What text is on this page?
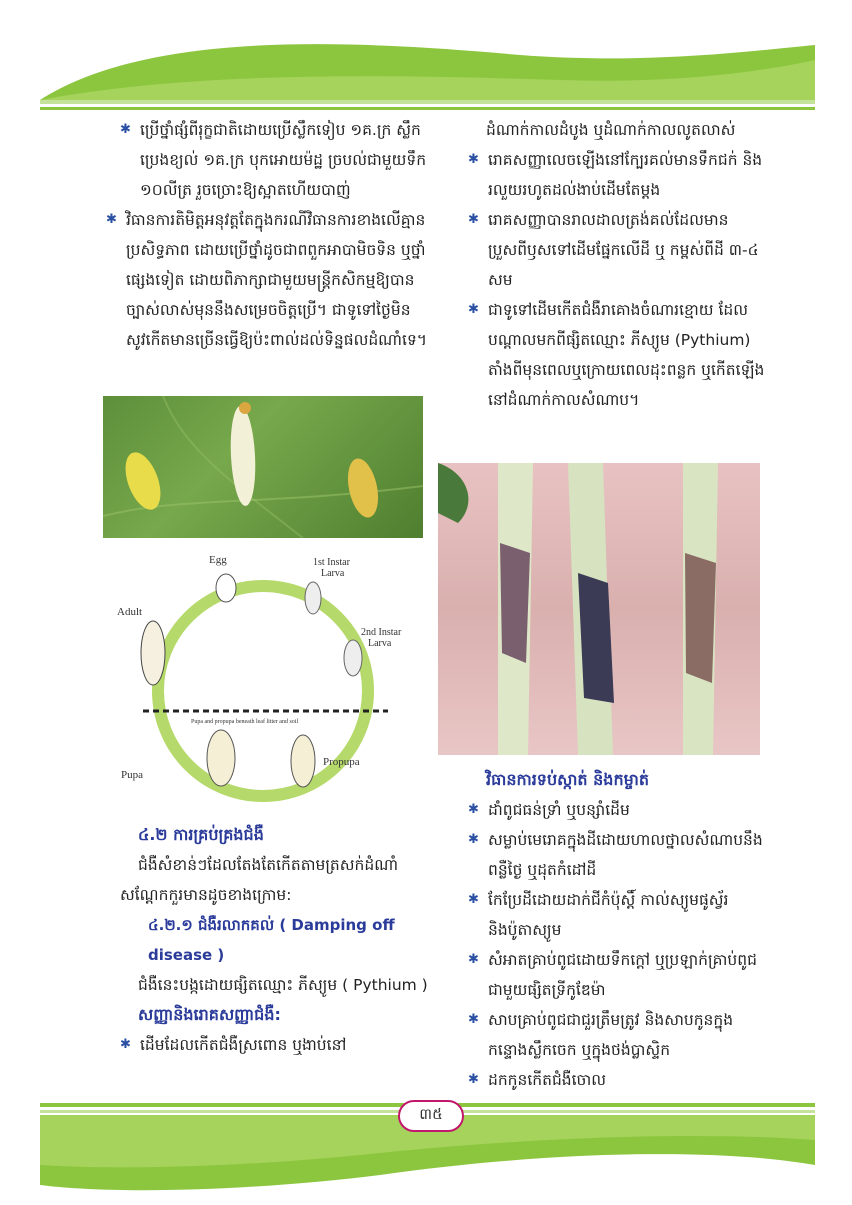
✱ ប្រើថ្នាំផ្សំពីរុក្ខជាតិដោយប្រើស្លឹកទៀប ១គ.ក្រ ស្លឹកប្រេងខ្យល់ ១គ.ក្រ បុកអោយម៉ដ្ឋ ច្របល់ជាមួយទឹក ១០លីត្រ រួចច្រោះឱ្យស្អាតហើយបាញ់
✱ វិធានការតិមិត្តអនុវត្តតែក្នុងករណីវិធានការខាងលើគ្មានប្រសិទ្ធភាព ដោយប្រើថ្នាំដូចជាពពួកអាបាមិចទិន ឬថ្នាំផ្សេងទៀត ដោយពិភាក្សាជាមួយមន្ត្រីកសិកម្មឱ្យបានច្បាស់លាស់មុននឹងសម្រេចចិត្តប្រើ។ ជាទូទៅថ្ងៃមិនសូវកើតមានច្រើនធ្វើឱ្យប៉ះពាល់ដល់ទិន្នផលដំណាំទេ។
Egg	1st Instar
Larva
2nd Instar
Larva
Adult
Pupa
Propupa
Pupa and propupa beneath leaf litter and soil
៤.២ ការគ្រប់គ្រងជំងឺ
ជំងឺសំខាន់ៗដែលតែងតែកើតតាមត្រសក់ដំណាំសណ្តែកកួរមានដូចខាងក្រោម:
៤.២.១ ជំងឺរលាកគល់ ( Damping off disease )
ជំងឺនេះបង្កដោយផ្សិតឈ្មោះ ភីស្យូម ( Pythium )
សញ្ញានិងរោគសញ្ញាជំងឺ:
✱ ដើមដែលកើតជំងឺស្រពោន ឬងាប់នៅ
ដំណាក់កាលដំបូង ឬដំណាក់កាលលូតលាស់
✱ រោគសញ្ញាលេចឡើងនៅក្បែរគល់មានទឹកជក់ និងរលួយរហូតដល់ងាប់ដើមតែម្តង
✱ រោគសញ្ញាបានរាលដាលត្រង់គល់ដែលមានប្រួសពីឫសទៅដើមផ្នែកលើដី ឬ កម្ពស់ពីដី ៣-៤ សម
✱ ជាទូទៅដើមកើតជំងឺរាគោងចំណារខ្មោយ ដែលបណ្តាលមកពីផ្សិតឈ្មោះ ភីស្យូម (Pythium) តាំងពីមុនពេលឬក្រោយពេលដុះពន្លក ឬកើតឡើងនៅដំណាក់កាលសំណាប។
វិធានការទប់ស្កាត់ និងកម្ចាត់
✱ ដាំពូជធន់ទ្រាំ ឬបន្សាំដើម
✱ សម្លាប់មេរោគក្នុងដីដោយហាលថ្នាលសំណាបនឹងពន្លឺថ្ងៃ ឬដុតកំដៅដី
✱ កែប្រែដីដោយដាក់ជីកំប៉ុស្តិ៍ កាល់ស្យូមផូស្វ័រ និងប៉ូតាស្យូម
✱ សំអាតគ្រាប់ពូជដោយទឹកក្តៅ ឬប្រឡាក់គ្រាប់ពូជជាមួយផ្សិតទ្រីកូឌែម៉ា
✱ សាបគ្រាប់ពូជជាជួរត្រឹមត្រូវ និងសាបកូនក្នុងកន្ទោងស្លឹកចេក ឬក្នុងថង់ប្លាស្ទិក
✱ ដកកូនកើតជំងឺចោល
៣៥
